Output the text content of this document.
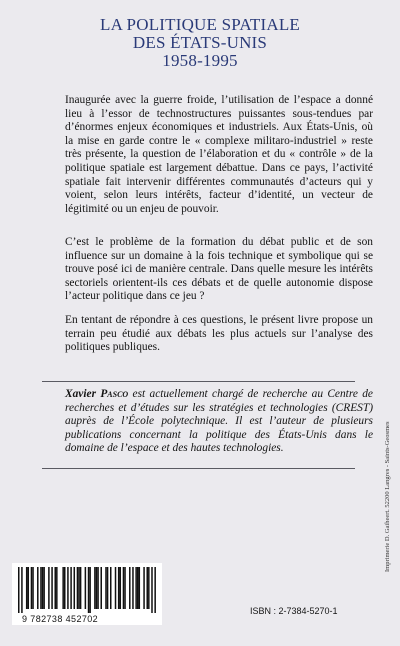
LA POLITIQUE SPATIALE
DES ÉTATS-UNIS
1958-1995

Inaugurée avec la guerre froide, l’utilisation de l’espace a donné lieu à l’essor de technostructures puissantes sous-tendues par d’énormes enjeux économiques et industriels. Aux États-Unis, où la mise en garde contre le « complexe militaro-industriel » reste très présente, la question de l’élaboration et du « contrôle » de la politique spatiale est largement débattue. Dans ce pays, l’activité spatiale fait intervenir différentes communautés d’acteurs qui y voient, selon leurs intérêts, facteur d’identité, un vecteur de légitimité ou un enjeu de pouvoir.

C’est le problème de la formation du débat public et de son influence sur un domaine à la fois technique et symbolique qui se trouve posé ici de manière centrale. Dans quelle mesure les intérêts sectoriels orientent-ils ces débats et de quelle autonomie dispose l’acteur politique dans ce jeu ?

En tentant de répondre à ces questions, le présent livre propose un terrain peu étudié aux débats les plus actuels sur l’analyse des politiques publiques.

Xavier Pasco est actuellement chargé de recherche au Centre de recherches et d’études sur les stratégies et technologies (CREST) auprès de l’École polytechnique. Il est l’auteur de plusieurs publications concernant la politique des États-Unis dans le domaine de l’espace et des hautes technologies.

9 782738 452702
ISBN : 2-7384-5270-1
Imprimerie D. Gaiheert. 52200 Langres - Saints-Geosmes
